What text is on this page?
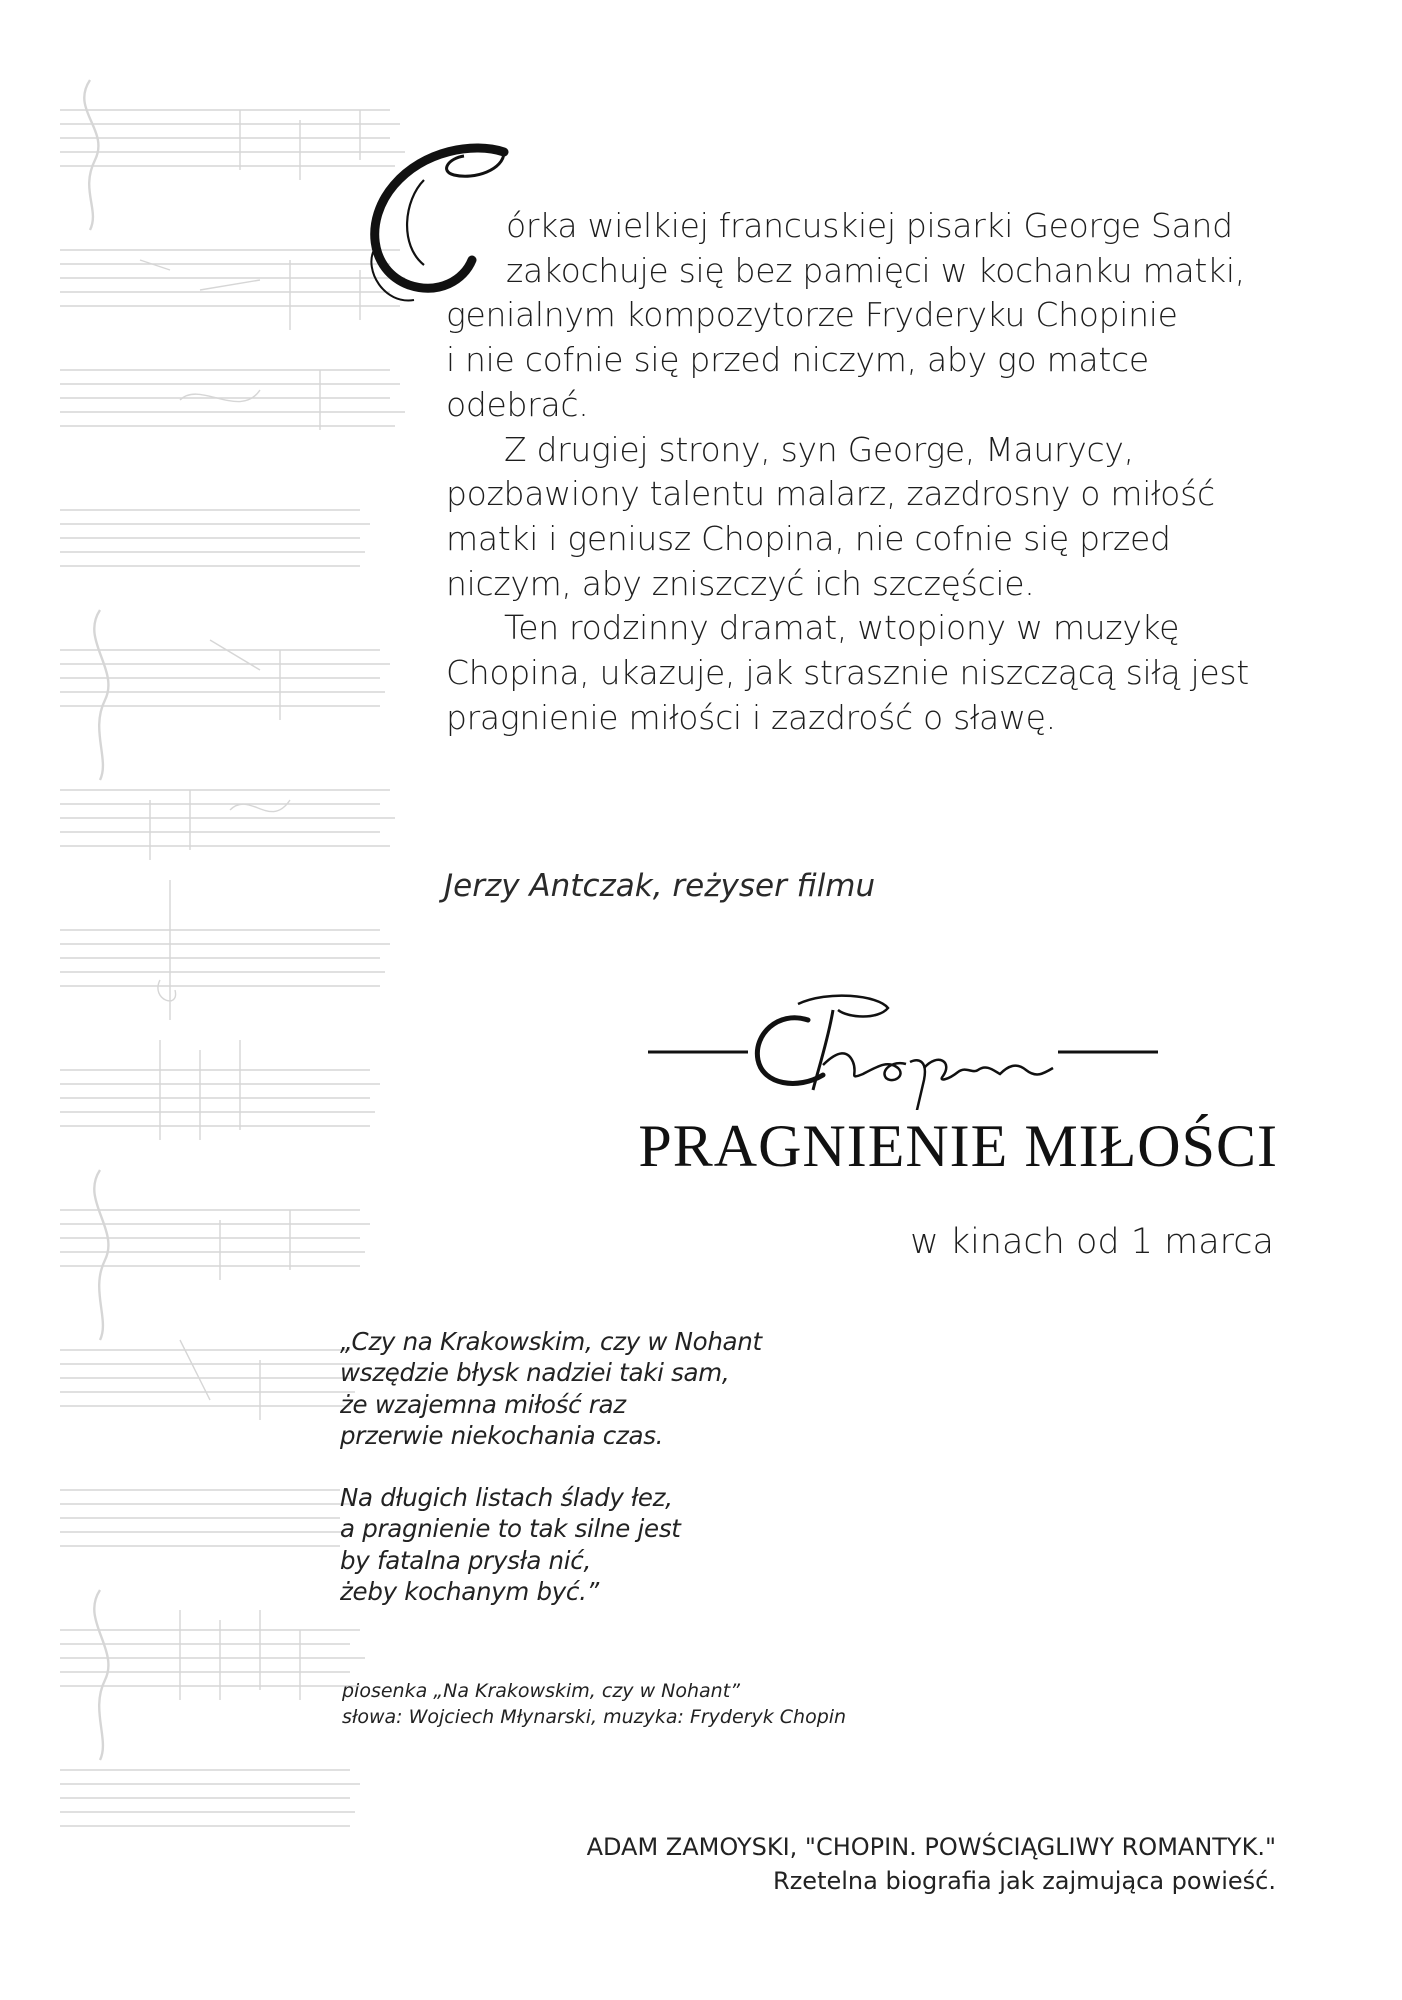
órka wielkiej francuskiej pisarki George Sand
zakochuje się bez pamięci w kochanku matki,
genialnym kompozytorze Fryderyku Chopinie
i nie cofnie się przed niczym, aby go matce
odebrać.
Z drugiej strony, syn George, Maurycy,
pozbawiony talentu malarz, zazdrosny o miłość
matki i geniusz Chopina, nie cofnie się przed
niczym, aby zniszczyć ich szczęście.
Ten rodzinny dramat, wtopiony w muzykę
Chopina, ukazuje, jak strasznie niszczącą siłą jest
pragnienie miłości i zazdrość o sławę.
Jerzy Antczak, reżyser filmu
PRAGNIENIE MIŁOŚCI
w kinach od 1 marca
„Czy na Krakowskim, czy w Nohant
wszędzie błysk nadziei taki sam,
że wzajemna miłość raz
przerwie niekochania czas.
Na długich listach ślady łez,
a pragnienie to tak silne jest
by fatalna prysła nić,
żeby kochanym być.”
piosenka „Na Krakowskim, czy w Nohant”
słowa: Wojciech Młynarski, muzyka: Fryderyk Chopin
ADAM ZAMOYSKI, "CHOPIN. POWŚCIĄGLIWY ROMANTYK."
Rzetelna biografia jak zajmująca powieść.
